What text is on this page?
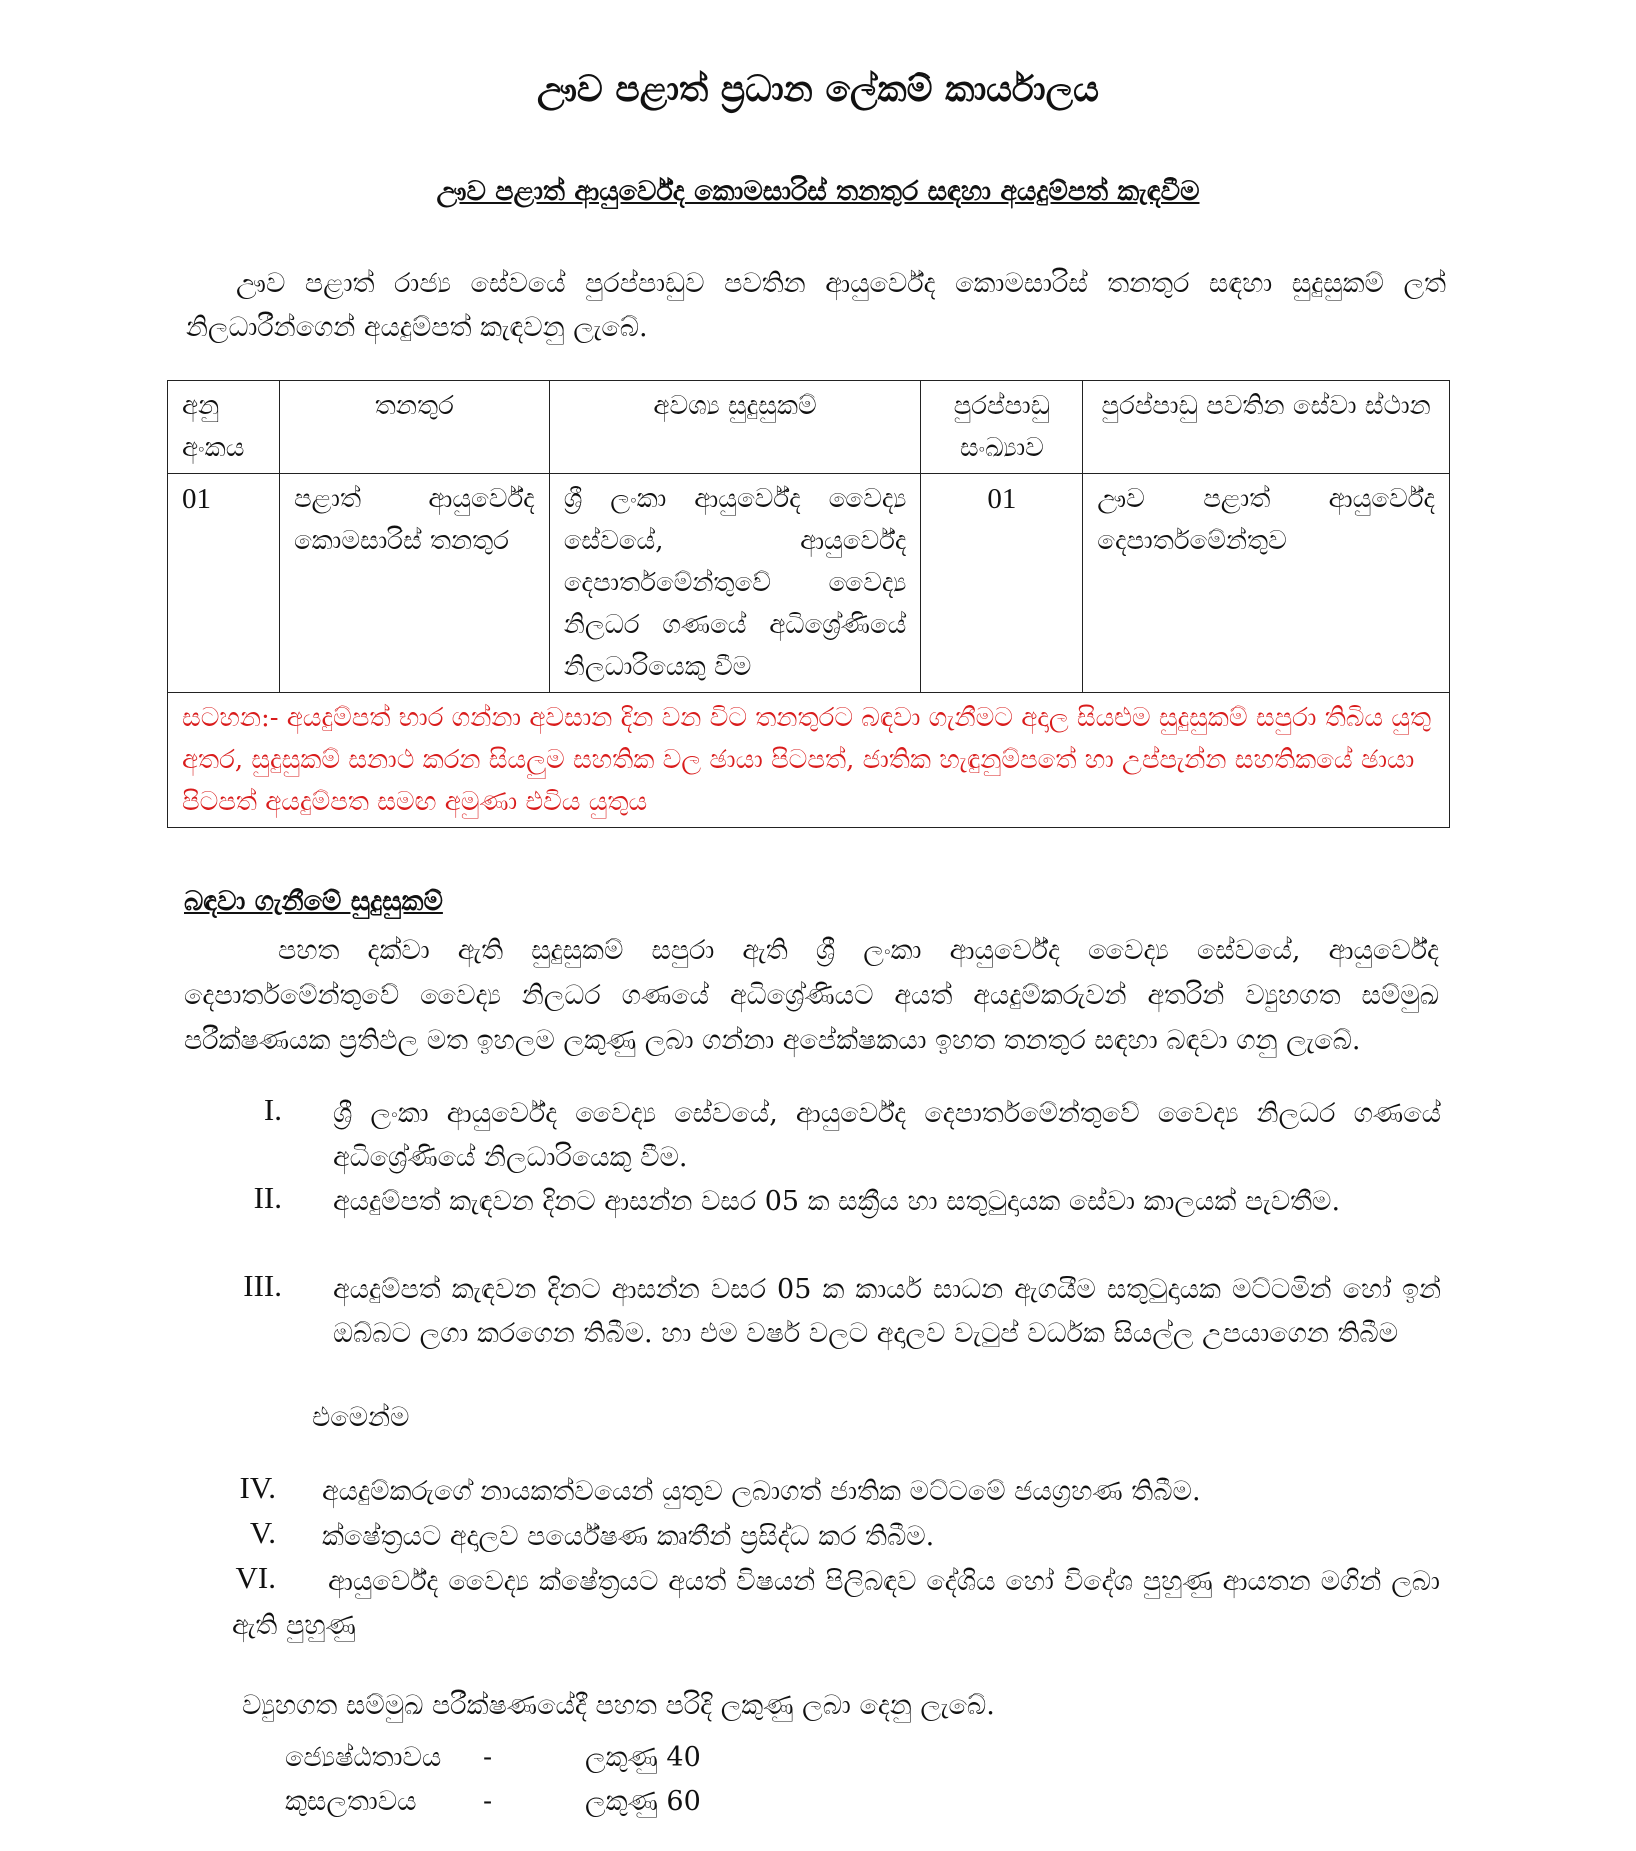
ඌව පළාත් ප්‍රධාන ලේකම් කාර්යාලය
ඌව පළාත් ආයුර්වේද කොමසාරිස් තනතුර සඳහා අයදුම්පත් කැඳවීම
ඌව පළාත් රාජ්‍ය සේවයේ පුරප්පාඩුව පවතින ආයුර්වේද කොමසාරිස් තනතුර සඳහා සුදුසුකම් ලත් නිලධාරීන්ගෙන් අයදුම්පත් කැඳවනු ලැබේ.
අනු අංකය	තනතුර	අවශ්‍ය සුදුසුකම්	පුරප්පාඩු සංඛ්‍යාව	පුරප්පාඩු පවතින සේවා ස්ථාන
01	පළාත් ආයුර්වේද කොමසාරිස් තනතුර	ශ්‍රී ලංකා ආයුර්වේද වෛද්‍ය සේවයේ, ආයුර්වේද දෙපාර්තමේන්තුවේ වෛද්‍ය නිලධර ගණයේ අධිශ්‍රේණියේ නිලධාරියෙකු වීම	01	ඌව පළාත් ආයුර්වේද දෙපාර්තමේන්තුව
සටහන:- අයදුම්පත් භාර ගන්නා අවසාන දින වන විට තනතුරට බඳවා ගැනීමට අදාල සියළුම සුදුසුකම් සපුරා තිබිය යුතු අතර, සුදුසුකම් සනාථ කරන සියලුම සහතික වල ඡායා පිටපත්, ජාතික හැඳුනුම්පතේ හා උප්පැන්න සහතිකයේ ඡායා පිටපත් අයදුම්පත සමඟ අමුණා එවිය යුතුය				
බඳවා ගැනීමේ සුදුසුකම්
පහත දක්වා ඇති සුදුසුකම් සපුරා ඇති ශ්‍රී ලංකා ආයුර්වේද වෛද්‍ය සේවයේ, ආයුර්වේද දෙපාර්තමේන්තුවේ වෛද්‍ය නිලධර ගණයේ අධිශ්‍රේණියට අයත් අයදුම්කරුවන් අතරින් ව්‍යුහගත සම්මුඛ පරීක්ෂණයක ප්‍රතිඵල මත ඉහලම ලකුණු ලබා ගන්නා අපේක්ෂකයා ඉහත තනතුර සඳහා බඳවා ගනු ලැබේ.
I. ශ්‍රී ලංකා ආයුර්වේද වෛද්‍ය සේවයේ, ආයුර්වේද දෙපාර්තමේන්තුවේ වෛද්‍ය නිලධර ගණයේ අධිශ්‍රේණියේ නිලධාරියෙකු වීම.
II. අයදුම්පත් කැඳවන දිනට ආසන්න වසර 05 ක සක්‍රීය හා සතුටුදායක සේවා කාලයක් පැවතීම.
III. අයදුම්පත් කැඳවන දිනට ආසන්න වසර 05 ක කාර්ය සාධන ඇගයීම සතුටුදායක මට්ටමින් හෝ ඉන් ඔබ්බට ලගා කරගෙන තිබීම. හා එම වර්ෂ වලට අදාලව වැටුප් වර්ධක සියල්ල උපයාගෙන තිබීම
එමෙන්ම
IV. අයදුම්කරුගේ නායකත්වයෙන් යුතුව ලබාගත් ජාතික මට්ටමේ ජයග්‍රහණ තිබීම.
V. ක්ෂේත්‍රයට අදාලව පර්යේෂණ කෘතීන් ප්‍රසිද්ධ කර තිබීම.
VI.	ආයුර්වේද වෛද්‍ය ක්ෂේත්‍රයට අයත් විෂයන් පිලිබඳව දේශිය හෝ විදේශ පුහුණු ආයතන මගින් ලබා ඇති පුහුණු
ව්‍යුහගත සම්මුඛ පරීක්ෂණයේදී පහත පරිදි ලකුණු ලබා දෙනු ලැබේ.
ජ්‍යෙෂ්ඨතාවය -	ලකුණු 40
කුසලතාවය -	ලකුණු 60
